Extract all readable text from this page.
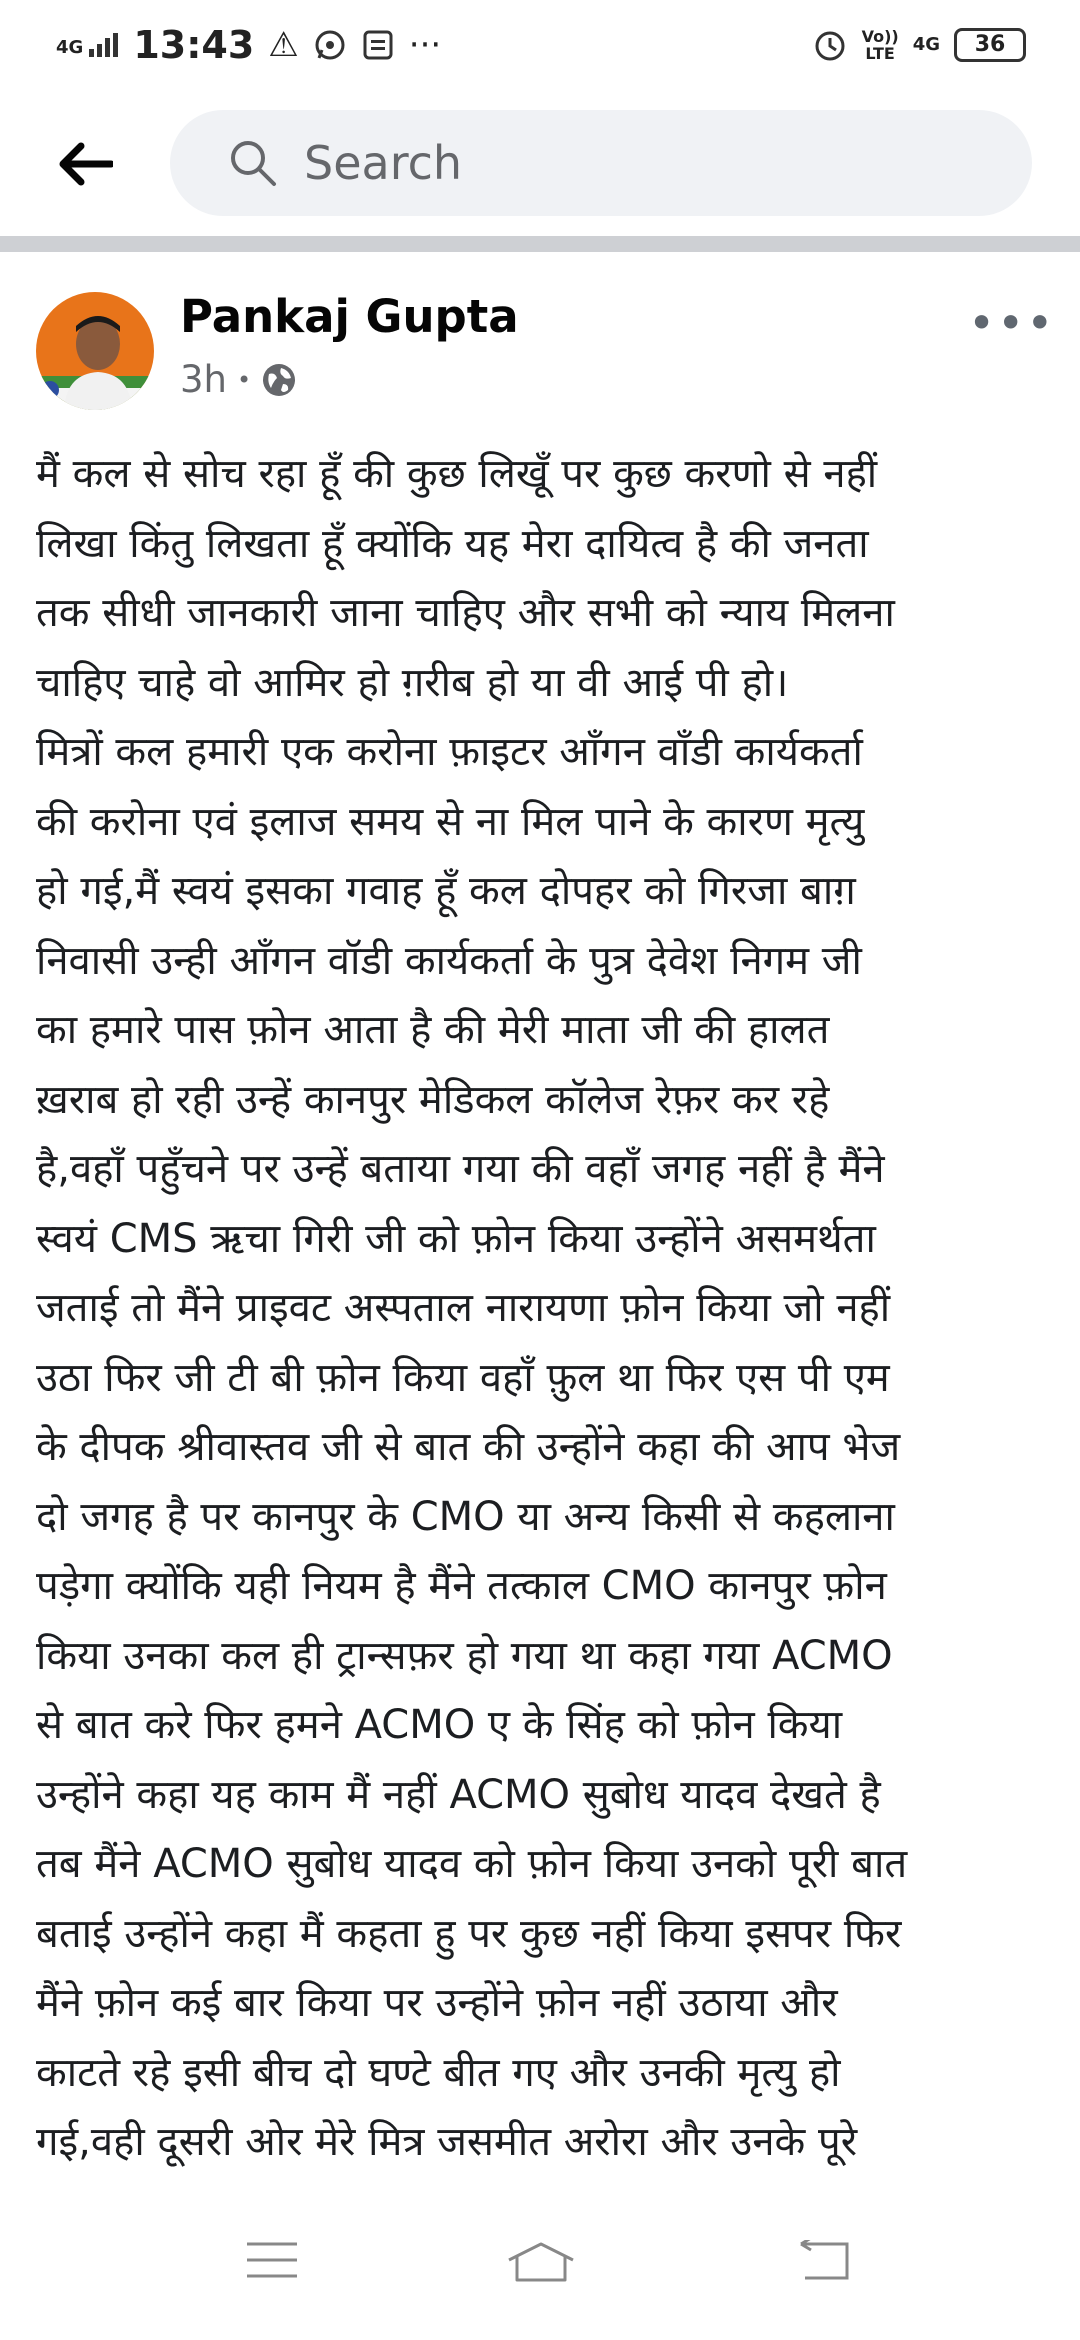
4G 13:43 ⚠	···	Vo))
LTE 4G	36
Search
Pankaj Gupta
3h •
•••

मैं कल से सोच रहा हूँ की कुछ लिखूँ पर कुछ करणो से नहीं

लिखा किंतु लिखता हूँ क्योंकि यह मेरा दायित्व है की जनता

तक सीधी जानकारी जाना चाहिए और सभी को न्याय मिलना

चाहिए चाहे वो आमिर हो ग़रीब हो या वी आई पी हो।

मित्रों कल हमारी एक करोना फ़ाइटर आँगन वाँडी कार्यकर्ता

की करोना एवं इलाज समय से ना मिल पाने के कारण मृत्यु

हो गई,मैं स्वयं इसका गवाह हूँ कल दोपहर को गिरजा बाग़

निवासी उन्ही आँगन वॉडी कार्यकर्ता के पुत्र देवेश निगम जी

का हमारे पास फ़ोन आता है की मेरी माता जी की हालत

ख़राब हो रही उन्हें कानपुर मेडिकल कॉलेज रेफ़र कर रहे

है,वहाँ पहुँचने पर उन्हें बताया गया की वहाँ जगह नहीं है मैंने

स्वयं CMS ऋचा गिरी जी को फ़ोन किया उन्होंने असमर्थता

जताई तो मैंने प्राइवट अस्पताल नारायणा फ़ोन किया जो नहीं

उठा फिर जी टी बी फ़ोन किया वहाँ फ़ुल था फिर एस पी एम

के दीपक श्रीवास्तव जी से बात की उन्होंने कहा की आप भेज

दो जगह है पर कानपुर के CMO या अन्य किसी से कहलाना

पड़ेगा क्योंकि यही नियम है मैंने तत्काल CMO कानपुर फ़ोन

किया उनका कल ही ट्रान्सफ़र हो गया था कहा गया ACMO

से बात करे फिर हमने ACMO ए के सिंह को फ़ोन किया

उन्होंने कहा यह काम मैं नहीं ACMO सुबोध यादव देखते है

तब मैंने ACMO सुबोध यादव को फ़ोन किया उनको पूरी बात

बताई उन्होंने कहा मैं कहता हु पर कुछ नहीं किया इसपर फिर

मैंने फ़ोन कई बार किया पर उन्होंने फ़ोन नहीं उठाया और

काटते रहे इसी बीच दो घण्टे बीत गए और उनकी मृत्यु हो

गई,वही दूसरी ओर मेरे मित्र जसमीत अरोरा और उनके पूरे
